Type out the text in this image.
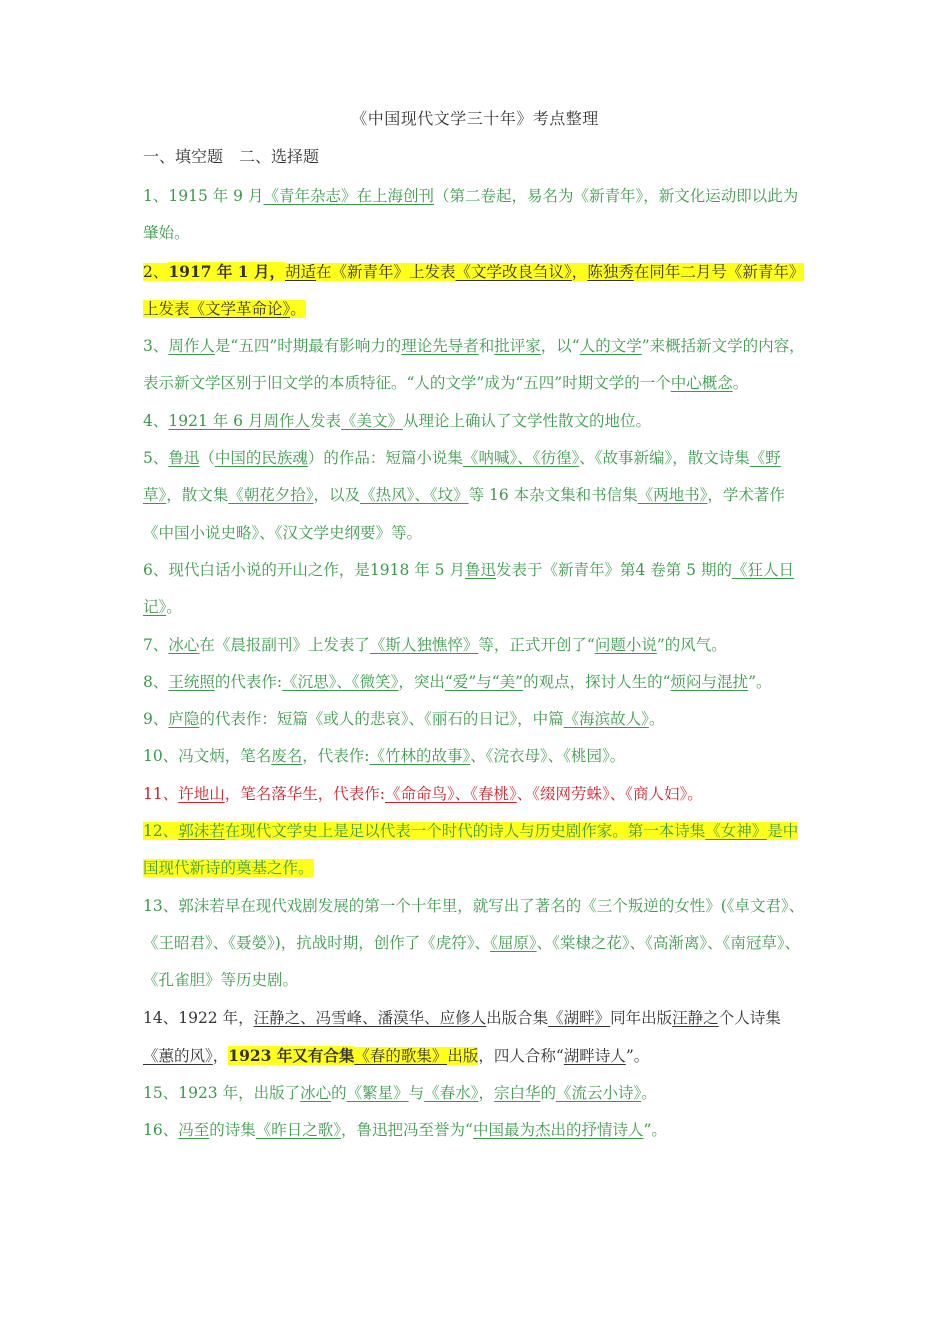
《中国现代文学三十年》考点整理
一、填空题　二、选择题

1、1915 年 9 月《青年杂志》在上海创刊（第二卷起，易名为《新青年》，新文化运动即以此为肇始。

2、1917 年 1 月，胡适在《新青年》上发表《文学改良刍议》，陈独秀在同年二月号《新青年》上发表《文学革命论》。

3、周作人是“五四”时期最有影响力的理论先导者和批评家，以“人的文学”来概括新文学的内容，表示新文学区别于旧文学的本质特征。“人的文学”成为“五四”时期文学的一个中心概念。

4、1921 年 6 月周作人发表《美文》从理论上确认了文学性散文的地位。

5、鲁迅（中国的民族魂）的作品：短篇小说集《呐喊》、《彷徨》、《故事新编》，散文诗集《野草》，散文集《朝花夕拾》，以及《热风》、《坟》等 16 本杂文集和书信集《两地书》，学术著作《中国小说史略》、《汉文学史纲要》等。

6、现代白话小说的开山之作，是1918 年 5 月鲁迅发表于《新青年》第4 卷第 5 期的《狂人日记》。

7、冰心在《晨报副刊》上发表了《斯人独憔悴》等，正式开创了“问题小说”的风气。

8、王统照的代表作:《沉思》、《微笑》，突出“爱”与“美”的观点，探讨人生的“烦闷与混扰”。

9、庐隐的代表作：短篇《或人的悲哀》、《丽石的日记》，中篇《海滨故人》。

10、冯文炳，笔名废名，代表作:《竹林的故事》、《浣衣母》、《桃园》。

11、许地山，笔名落华生，代表作:《命命鸟》、《春桃》、《缀网劳蛛》、《商人妇》。

12、郭沫若在现代文学史上是足以代表一个时代的诗人与历史剧作家。第一本诗集《女神》是中国现代新诗的奠基之作。

13、郭沫若早在现代戏剧发展的第一个十年里，就写出了著名的《三个叛逆的女性》(《卓文君》、《王昭君》、《聂嫈》)，抗战时期，创作了《虎符》、《屈原》、《棠棣之花》、《高渐离》、《南冠草》、《孔雀胆》等历史剧。

14、1922 年，汪静之、冯雪峰、潘漠华、应修人出版合集《湖畔》同年出版汪静之个人诗集《蕙的风》，1923 年又有合集《春的歌集》出版，四人合称“湖畔诗人”。

15、1923 年，出版了冰心的《繁星》与《春水》，宗白华的《流云小诗》。

16、冯至的诗集《昨日之歌》，鲁迅把冯至誉为“中国最为杰出的抒情诗人”。
